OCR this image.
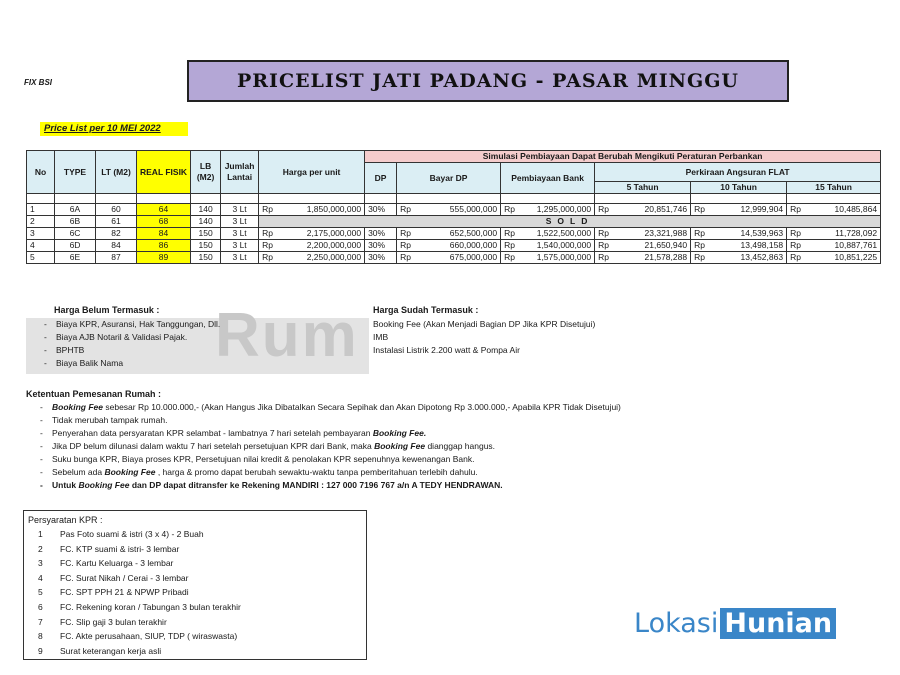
FIX BSI	PRICELIST JATI PADANG - PASAR MINGGU
Price List per 10 MEI 2022
No	TYPE	LT (M2)	REAL FISIK	LB (M2)	Jumlah Lantai	Harga per unit	Simulasi Pembiayaan Dapat Berubah Mengikuti Peraturan Perbankan					
							DP	Bayar DP	Pembiayaan Bank	Perkiraan Angsuran FLAT		
										5 Tahun	10 Tahun	15 Tahun

1	6A	60	64	140	3 Lt	Rp 1,850,000,000	30%	Rp 555,000,000	Rp 1,295,000,000	Rp 20,851,746	Rp 12,999,904	Rp 10,485,864
2	6B	61	68	140	3 Lt	SOLD						
3	6C	82	84	150	3 Lt	Rp 2,175,000,000	30%	Rp 652,500,000	Rp 1,522,500,000	Rp 23,321,988	Rp 14,539,963	Rp 11,728,092
4	6D	84	86	150	3 Lt	Rp 2,200,000,000	30%	Rp 660,000,000	Rp 1,540,000,000	Rp 21,650,940	Rp 13,498,158	Rp 10,887,761
5	6E	87	89	150	3 Lt	Rp 2,250,000,000	30%	Rp 675,000,000	Rp 1,575,000,000	Rp 21,578,288	Rp 13,452,863	Rp 10,851,225
Rum
Harga Belum Termasuk :
- Biaya KPR, Asuransi, Hak Tanggungan, Dll.
- Biaya AJB Notaril & Validasi Pajak.
- BPHTB
- Biaya Balik Nama
Harga Sudah Termasuk :
Booking Fee (Akan Menjadi Bagian DP Jika KPR Disetujui)
IMB
Instalasi Listrik 2.200 watt & Pompa Air
Ketentuan Pemesanan Rumah :
- Booking Fee sebesar Rp 10.000.000,- (Akan Hangus Jika Dibatalkan Secara Sepihak dan Akan Dipotong Rp 3.000.000,- Apabila KPR Tidak Disetujui)
- Tidak merubah tampak rumah.
- Penyerahan data persyaratan KPR selambat - lambatnya 7 hari setelah pembayaran Booking Fee.
- Jika DP belum dilunasi dalam waktu 7 hari setelah persetujuan KPR dari Bank, maka Booking Fee dianggap hangus.
- Suku bunga KPR, Biaya proses KPR, Persetujuan nilai kredit & penolakan KPR sepenuhnya kewenangan Bank.
- Sebelum ada Booking Fee , harga & promo dapat berubah sewaktu-waktu tanpa pemberitahuan terlebih dahulu.
- Untuk Booking Fee dan DP dapat ditransfer ke Rekening MANDIRI : 127 000 7196 767 a/n A TEDY HENDRAWAN.
Persyaratan KPR :
1 Pas Foto suami & istri (3 x 4) - 2 Buah
2 FC. KTP suami & istri- 3 lembar
3 FC. Kartu Keluarga - 3 lembar
4 FC. Surat Nikah / Cerai - 3 lembar
5 FC. SPT PPH 21 & NPWP Pribadi
6 FC. Rekening koran / Tabungan 3 bulan terakhir
7 FC. Slip gaji 3 bulan terakhir
8 FC. Akte perusahaan, SIUP, TDP ( wiraswasta)
9 Surat keterangan kerja asli
Lokasi Hunian
